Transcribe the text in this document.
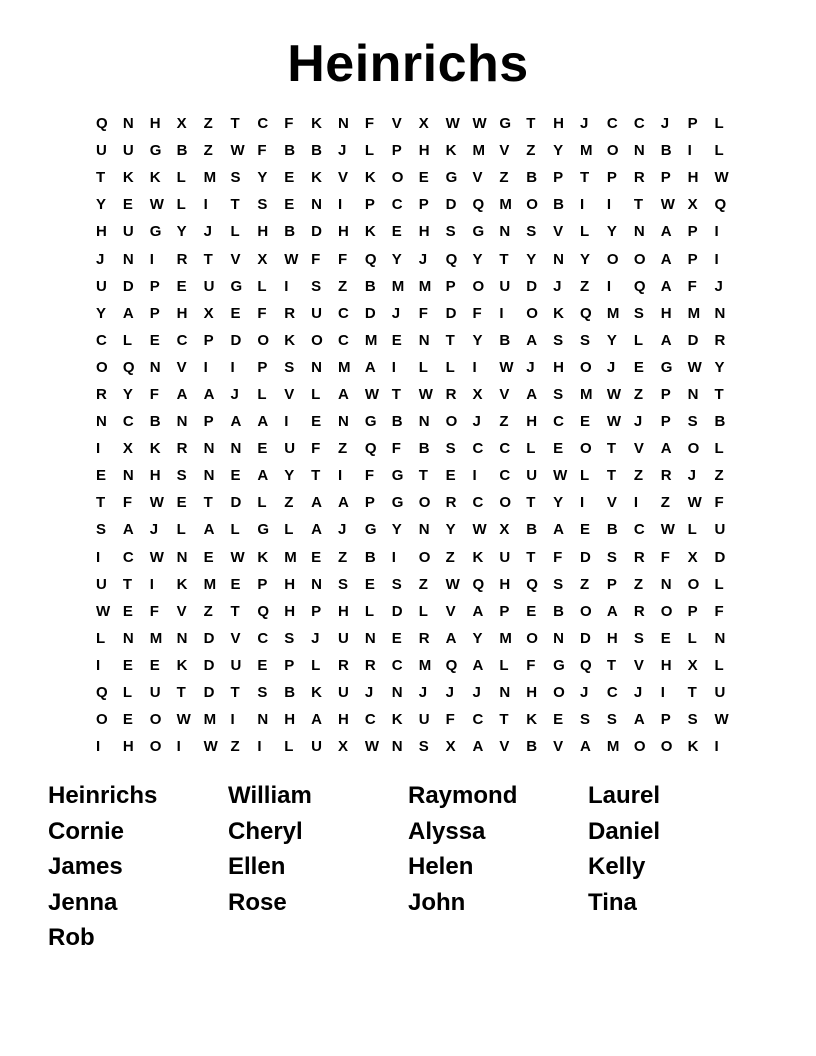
Heinrichs
Q	N	H	X	Z	T	C	F	K	N	F	V	X	W W G	T	H	J	C	C	J	P	L
U	U	G	B	Z	W F	B	B	J	L	P	H	K	M V	Z	Y	M O	N	B	I	L
T	K	K	L	M S	Y	E	K	V	K	O	E	G	V	Z	B	P	T	P	R	P	H	W
Y	E	W L	I	T	S	E	N	I	P	C	P	D	Q	M O	B	I	I	T	W X	Q
H	U	G	Y	J	L	H	B	D	H	K	E	H	S	G	N	S	V	L	Y	N	A	P	I
J	N	I	R	T	V	X	W F	F	Q	Y	J	Q	Y	T	Y	N	Y	O	O	A	P	I
U	D	P	E	U	G	L	I	S	Z	B	M M P	O	U	D	J	Z	I	Q	A	F	J
Y	A	P	H	X	E	F	R	U	C	D	J	F	D	F	I	O	K	Q	M S	H	M N
C	L	E	C	P	D	O	K	O	C	M E	N	T	Y	B	A	S	S	Y	L	A	D	R
O	Q	N	V	I	I	P	S	N	M A	I	L	L	I	W J	H	O	J	E	G	W Y
R	Y	F	A	A	J	L	V	L	A	W T	W R	X	V	A	S	M W Z	P	N	T
N	C	B	N	P	A	A	I	E	N	G	B	N	O	J	Z	H	C	E	W J	P	S	B
I	X	K	R	N	N	E	U	F	Z	Q	F	B	S	C	C	L	E	O	T	V	A	O	L
E	N	H	S	N	E	A	Y	T	I	F	G	T	E	I	C	U	W L	T	Z	R	J	Z
T	F	W E	T	D	L	Z	A	A	P	G	O	R	C	O	T	Y	I	V	I	Z	W F
S	A	J	L	A	L	G	L	A	J	G	Y	N	Y	W X	B	A	E	B	C	W L	U
I	C	W N	E	W K	M E	Z	B	I	O	Z	K	U	T	F	D	S	R	F	X	D
U	T	I	K	M E	P	H	N	S	E	S	Z	W Q	H	Q	S	Z	P	Z	N	O	L
W E	F	V	Z	T	Q	H	P	H	L	D	L	V	A	P	E	B	O	A	R	O	P	F
L	N	M N	D	V	C	S	J	U	N	E	R	A	Y	M O	N	D	H	S	E	L	N
I	E	E	K	D	U	E	P	L	R	R	C	M Q	A	L	F	G	Q	T	V	H	X	L
Q	L	U	T	D	T	S	B	K	U	J	N	J	J	J	N	H	O	J	C	J	I	T	U
O	E	O	W M I	N	H	A	H	C	K	U	F	C	T	K	E	S	S	A	P	S	W
I	H	O	I	W Z	I	L	U	X	W N	S	X	A	V	B	V	A	M O	O	K	I
Heinrichs	William	Raymond	Laurel
Cornie	Cheryl	Alyssa	Daniel
James	Ellen	Helen	Kelly
Jenna	Rose	John	Tina
Rob
